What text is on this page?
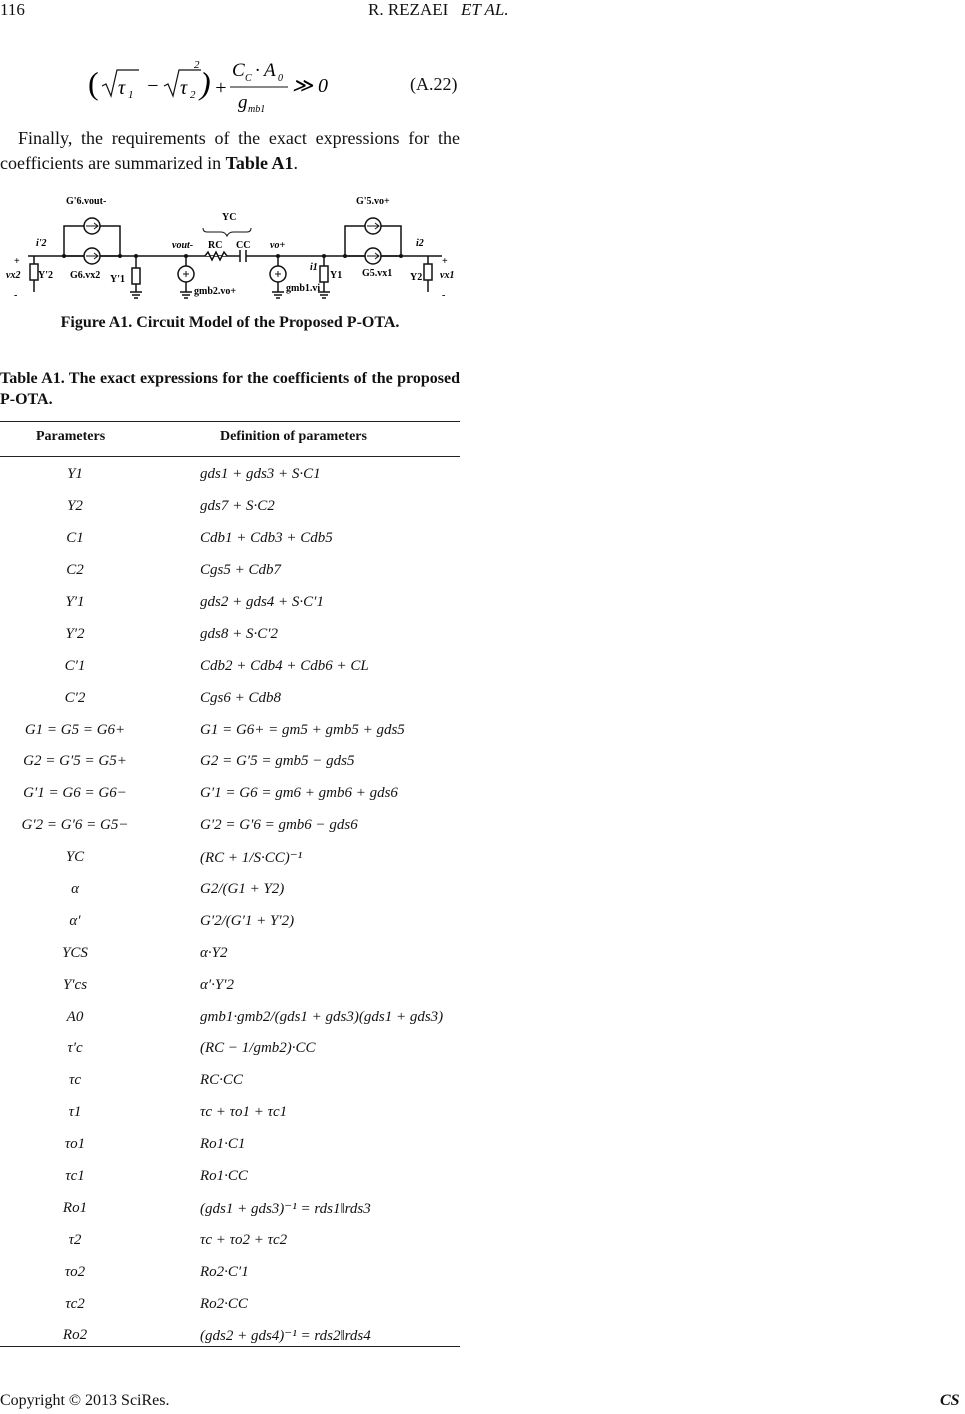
116	R. REZAEI ET AL.
( τ 1 − τ 2 )
2
+
C C · A 0
g mb1
≫ 0	(A.22)
Finally, the requirements of the exact expressions for the coefficients are summarized in Table A1.
G'6.vout-	G'5.vo+
YC
i'2	i2
vout- RC CC vo+
i1
vx2	vx1
Y'2 G6.vx2 Y'1
gmb2.vo+	gmb1.vi
Y1 G5.vx1 Y2
+
-
+
-
Figure A1. Circuit Model of the Proposed P-OTA.
Table A1. The exact expressions for the coefficients of the proposed P-OTA.
Parameters	Definition of parameters
Y1	gds1 + gds3 + S·C1
Y2	gds7 + S·C2
C1	Cdb1 + Cdb3 + Cdb5
C2	Cgs5 + Cdb7
Y′1	gds2 + gds4 + S·C′1
Y′2	gds8 + S·C′2
C′1	Cdb2 + Cdb4 + Cdb6 + CL
C′2	Cgs6 + Cdb8
G1 = G5 = G6+	G1 = G6+ = gm5 + gmb5 + gds5
G2 = G′5 = G5+	G2 = G′5 = gmb5 − gds5
G′1 = G6 = G6−	G′1 = G6 = gm6 + gmb6 + gds6
G′2 = G′6 = G5−	G′2 = G′6 = gmb6 − gds6
YC	(RC + 1/S·CC)⁻¹
α	G2/(G1 + Y2)
α′	G′2/(G′1 + Y′2)
YCS	α·Y2
Y′cs	α′·Y′2
A0	gmb1·gmb2/(gds1 + gds3)(gds1 + gds3)
τ′c	(RC − 1/gmb2)·CC
τc	RC·CC
τ1	τc + τo1 + τc1
τo1	Ro1·C1
τc1	Ro1·CC
Ro1	(gds1 + gds3)⁻¹ = rds1‖rds3
τ2	τc + τo2 + τc2
τo2	Ro2·C′1
τc2	Ro2·CC
Ro2	(gds2 + gds4)⁻¹ = rds2‖rds4
Copyright © 2013 SciRes.	CS
